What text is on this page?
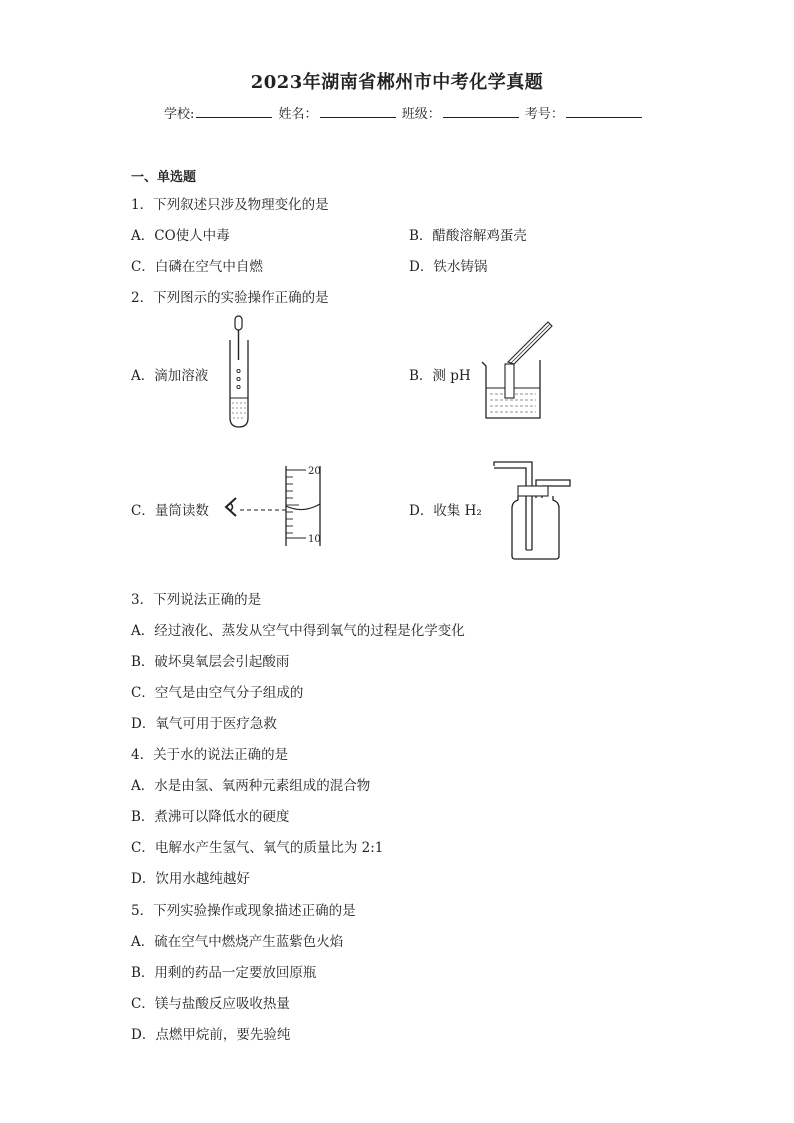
2023年湖南省郴州市中考化学真题
学校:	姓名：	班级：	考号：
一、单选题
1．下列叙述只涉及物理变化的是
A．CO使人中毒	B．醋酸溶解鸡蛋壳
C．白磷在空气中自燃	D．铁水铸锅
2．下列图示的实验操作正确的是
A．滴加溶液	B．测 pH
C．量筒读数
20
10
D．收集 H₂
3．下列说法正确的是
A．经过液化、蒸发从空气中得到氧气的过程是化学变化
B．破坏臭氧层会引起酸雨
C．空气是由空气分子组成的
D．氧气可用于医疗急救
4．关于水的说法正确的是
A．水是由氢、氧两种元素组成的混合物
B．煮沸可以降低水的硬度
C．电解水产生氢气、氧气的质量比为 2:1
D．饮用水越纯越好
5．下列实验操作或现象描述正确的是
A．硫在空气中燃烧产生蓝紫色火焰
B．用剩的药品一定要放回原瓶
C．镁与盐酸反应吸收热量
D．点燃甲烷前，要先验纯
